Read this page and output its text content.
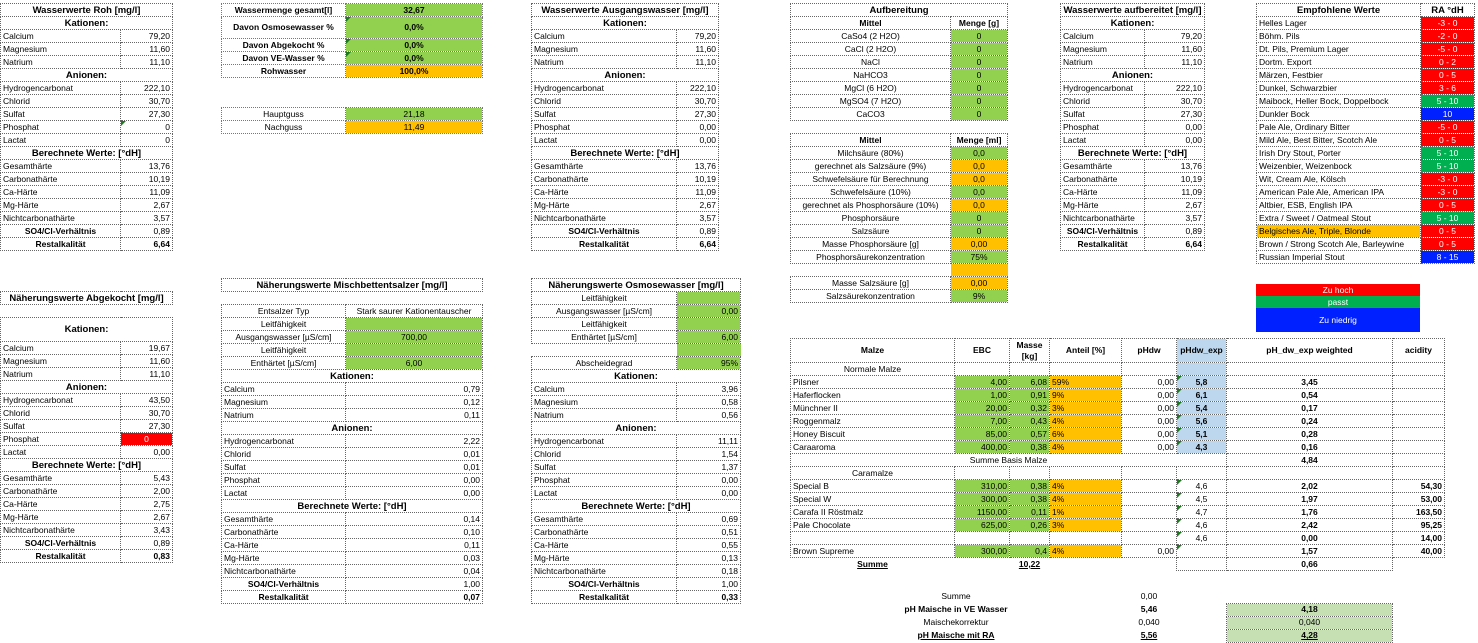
Wasserwerte Roh [mg/l]	
Kationen:	
Calcium	79,20
Magnesium	11,60
Natrium	11,10
Anionen:	
Hydrogencarbonat	222,10
Chlorid	30,70
Sulfat	27,30
Phosphat	0
Lactat	0
Berechnete Werte: [°dH]	
Gesamthärte	13,76
Carbonathärte	10,19
Ca-Härte	11,09
Mg-Härte	2,67
Nichtcarbonathärte	3,57
SO4/Cl-Verhältnis	0,89
Restalkalität	6,64
Wassermenge gesamt[l]	32,67
Davon Osmosewasser %	0,0%
Davon Abgekocht %	0,0%
Davon VE-Wasser %	0,0%
Rohwasser	100,0%
Hauptguss	21,18
Nachguss	11,49
Wasserwerte Ausgangswasser [mg/l]	
Kationen:	
Calcium	79,20
Magnesium	11,60
Natrium	11,10
Anionen:	
Hydrogencarbonat	222,10
Chlorid	30,70
Sulfat	27,30
Phosphat	0,00
Lactat	0,00
Berechnete Werte: [°dH]	
Gesamthärte	13,76
Carbonathärte	10,19
Ca-Härte	11,09
Mg-Härte	2,67
Nichtcarbonathärte	3,57
SO4/Cl-Verhältnis	0,89
Restalkalität	6,64
Aufbereitung	
Mittel	Menge [g]
CaSo4 (2 H2O)	0
CaCl (2 H2O)	0
NaCl	0
NaHCO3	0
MgCl (6 H2O)	0
MgSO4 (7 H2O)	0
CaCO3	0

Mittel	Menge [ml]
Milchsäure (80%)	0,0
gerechnet als Salzsäure (9%)	0,0
Schwefelsäure für Berechnung	0,0
Schwefelsäure (10%)	0,0
gerechnet als Phosphorsäure (10%)	0,0
Phosphorsäure	0
Salzsäure	0
Masse Phosphorsäure [g]	0,00
Phosphorsäurekonzentration	75%

Masse Salzsäure [g]	0,00
Salzsäurekonzentration	9%
Wasserwerte aufbereitet [mg/l]	
Kationen:	
Calcium	79,20
Magnesium	11,60
Natrium	11,10
Anionen:	
Hydrogencarbonat	222,10
Chlorid	30,70
Sulfat	27,30
Phosphat	0,00
Lactat	0,00
Berechnete Werte: [°dH]	
Gesamthärte	13,76
Carbonathärte	10,19
Ca-Härte	11,09
Mg-Härte	2,67
Nichtcarbonathärte	3,57
SO4/Cl-Verhältnis	0,89
Restalkalität	6,64
Empfohlene Werte	RA °dH
Helles Lager	-3 - 0
Böhm. Pils	-2 - 0
Dt. Pils, Premium Lager	-5 - 0
Dortm. Export	0 - 2
Märzen, Festbier	0 - 5
Dunkel, Schwarzbier	3 - 6
Maibock, Heller Bock, Doppelbock	5 - 10
Dunkler Bock	10
Pale Ale, Ordinary Bitter	-5 - 0
Mild Ale, Best Bitter, Scotch Ale	0 - 5
Irish Dry Stout, Porter	5 - 10
Weizenbier, Weizenbock	5 - 10
Wit, Cream Ale, Kölsch	-3 - 0
American Pale Ale, American IPA	-3 - 0
Altbier, ESB, English IPA	0 - 5
Extra / Sweet / Oatmeal Stout	5 - 10
Belgisches Ale, Triple, Blonde	0 - 5
Brown / Strong Scotch Ale, Barleywine	0 - 5
Russian Imperial Stout	8 - 15
Zu hoch
passt
Zu niedrig
Näherungswerte Abgekocht [mg/l]	

Kationen:	
Calcium	19,67
Magnesium	11,60
Natrium	11,10
Anionen:	
Hydrogencarbonat	43,50
Chlorid	30,70
Sulfat	27,30
Phosphat	0
Lactat	0,00
Berechnete Werte: [°dH]	
Gesamthärte	5,43
Carbonathärte	2,00
Ca-Härte	2,75
Mg-Härte	2,67
Nichtcarbonathärte	3,43
SO4/Cl-Verhältnis	0,89
Restalkalität	0,83
Näherungswerte Mischbettentsalzer [mg/l]	

Entsalzer Typ	Stark saurer Kationentauscher
Leitfähigkeit	
Ausgangswasser [µS/cm]	700,00
Leitfähigkeit	
Enthärtet [µS/cm]	6,00
Kationen:	
Calcium	0,79
Magnesium	0,12
Natrium	0,11
Anionen:	
Hydrogencarbonat	2,22
Chlorid	0,01
Sulfat	0,01
Phosphat	0,00
Lactat	0,00
Berechnete Werte: [°dH]	
Gesamthärte	0,14
Carbonathärte	0,10
Ca-Härte	0,11
Mg-Härte	0,03
Nichtcarbonathärte	0,04
SO4/Cl-Verhältnis	1,00
Restalkalität	0,07
Näherungswerte Osmosewasser [mg/l]	
Leitfähigkeit	
Ausgangswasser [µS/cm]	0,00
Leitfähigkeit	
Enthärtet [µS/cm]	6,00

Abscheidegrad	95%
Kationen:	
Calcium	3,96
Magnesium	0,58
Natrium	0,56
Anionen:	
Hydrogencarbonat	11,11
Chlorid	1,54
Sulfat	1,37
Phosphat	0,00
Lactat	0,00
Berechnete Werte: [°dH]	
Gesamthärte	0,69
Carbonathärte	0,51
Ca-Härte	0,55
Mg-Härte	0,13
Nichtcarbonathärte	0,18
SO4/Cl-Verhältnis	1,00
Restalkalität	0,33
Malze	EBC	Masse [kg]	Anteil [%]	pHdw	pHdw_exp	pH_dw_exp weighted	acidity
Normale Malze							
Pilsner	4,00	6,08	59%	0,00	5,8	3,45	
Haferflocken	1,00	0,91	9%	0,00	6,1	0,54	
Münchner II	20,00	0,32	3%	0,00	5,4	0,17	
Roggenmalz	7,00	0,43	4%	0,00	5,6	0,24	
Honey Biscuit	85,00	0,57	6%	0,00	5,1	0,28	
Caraaroma	400,00	0,38	4%	0,00	4,3	0,16	
Summe Basis Malze						4,84	
Caramalze							
Special B	310,00	0,38	4%		4,6	2,02	54,30
Special W	300,00	0,38	4%		4,5	1,97	53,00
Carafa II Röstmalz	1150,00	0,11	1%		4,7	1,76	163,50
Pale Chocolate	625,00	0,26	3%		4,6	2,42	95,25
					4,6	0,00	14,00
Brown Supreme	300,00	0,4	4%	0,00		1,57	40,00
Summe		10,22				0,66	

Summe				0,00			
pH Maische in VE Wasser				5,46		4,18	
Maischekorrektur				0,040		0,040	
pH Maische mit RA				5,56		4,28	
